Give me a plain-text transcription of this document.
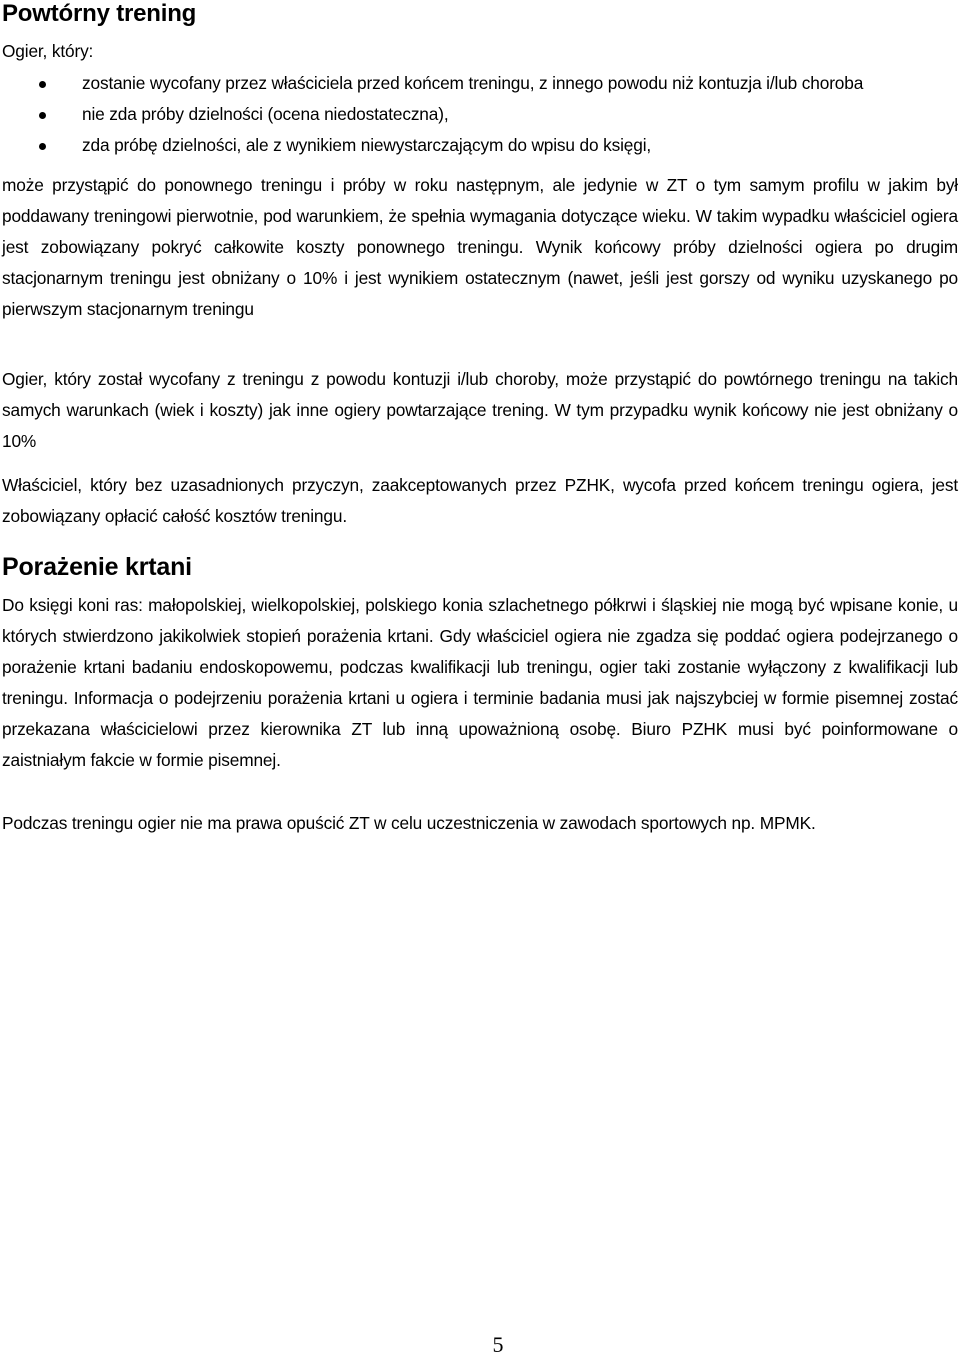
Powtórny trening

Ogier, który:

zostanie wycofany przez właściciela przed końcem treningu, z innego powodu niż kontuzja i/lub choroba
nie zda próby dzielności (ocena niedostateczna),
zda próbę dzielności, ale z wynikiem niewystarczającym do wpisu do księgi,

może przystąpić do ponownego treningu i próby w roku następnym, ale jedynie w ZT o tym samym profilu w jakim był poddawany treningowi pierwotnie, pod warunkiem, że spełnia wymagania dotyczące wieku. W takim wypadku właściciel ogiera jest zobowiązany pokryć całkowite koszty ponownego treningu. Wynik końcowy próby dzielności ogiera po drugim stacjonarnym treningu jest obniżany o 10% i jest wynikiem ostatecznym (nawet, jeśli jest gorszy od wyniku uzyskanego po pierwszym stacjonarnym treningu

Ogier, który został wycofany z treningu z powodu kontuzji i/lub choroby, może przystąpić do powtórnego treningu na takich samych warunkach (wiek i koszty) jak inne ogiery powtarzające trening. W tym przypadku wynik końcowy nie jest obniżany o 10%

Właściciel, który bez uzasadnionych przyczyn, zaakceptowanych przez PZHK, wycofa przed końcem treningu ogiera, jest zobowiązany opłacić całość kosztów treningu.

Porażenie krtani

Do księgi koni ras: małopolskiej, wielkopolskiej, polskiego konia szlachetnego półkrwi i śląskiej nie mogą być wpisane konie, u których stwierdzono jakikolwiek stopień porażenia krtani. Gdy właściciel ogiera nie zgadza się poddać ogiera podejrzanego o porażenie krtani badaniu endoskopowemu, podczas kwalifikacji lub treningu, ogier taki zostanie wyłączony z kwalifikacji lub treningu. Informacja o podejrzeniu porażenia krtani u ogiera i terminie badania musi jak najszybciej w formie pisemnej zostać przekazana właścicielowi przez kierownika ZT lub inną upoważnioną osobę. Biuro PZHK musi być poinformowane o zaistniałym fakcie w formie pisemnej.

Podczas treningu ogier nie ma prawa opuścić ZT w celu uczestniczenia w zawodach sportowych np. MPMK.

5
